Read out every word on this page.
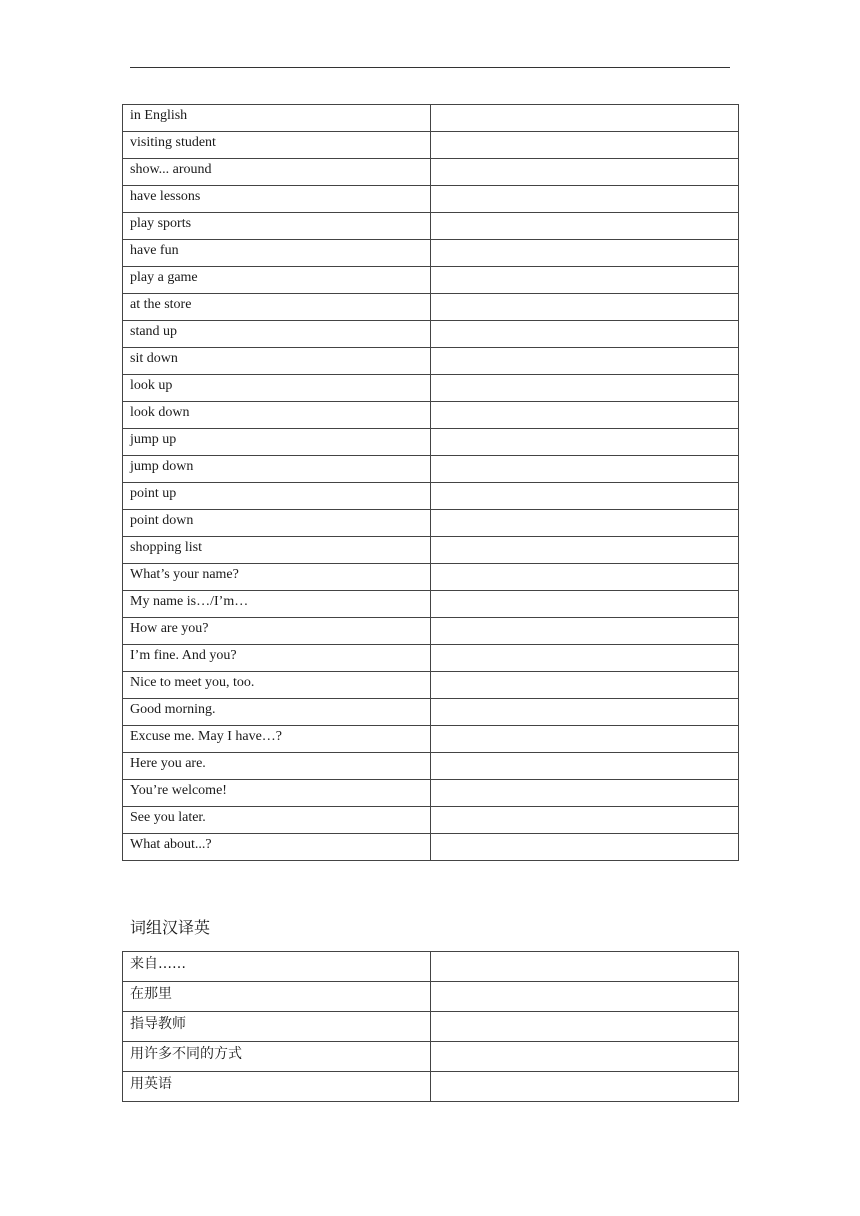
in English	
visiting student	
show... around	
have lessons	
play sports	
have fun	
play a game	
at the store	
stand up	
sit down	
look up	
look down	
jump up	
jump down	
point up	
point down	
shopping list	
What’s your name?	
My name is…/I’m…	
How are you?	
I’m fine. And you?	
Nice to meet you, too.	
Good morning.	
Excuse me. May I have…?	
Here you are.	
You’re welcome!	
See you later.	
What about...?	
词组汉译英
来自……	
在那里	
指导教师	
用许多不同的方式	
用英语	
